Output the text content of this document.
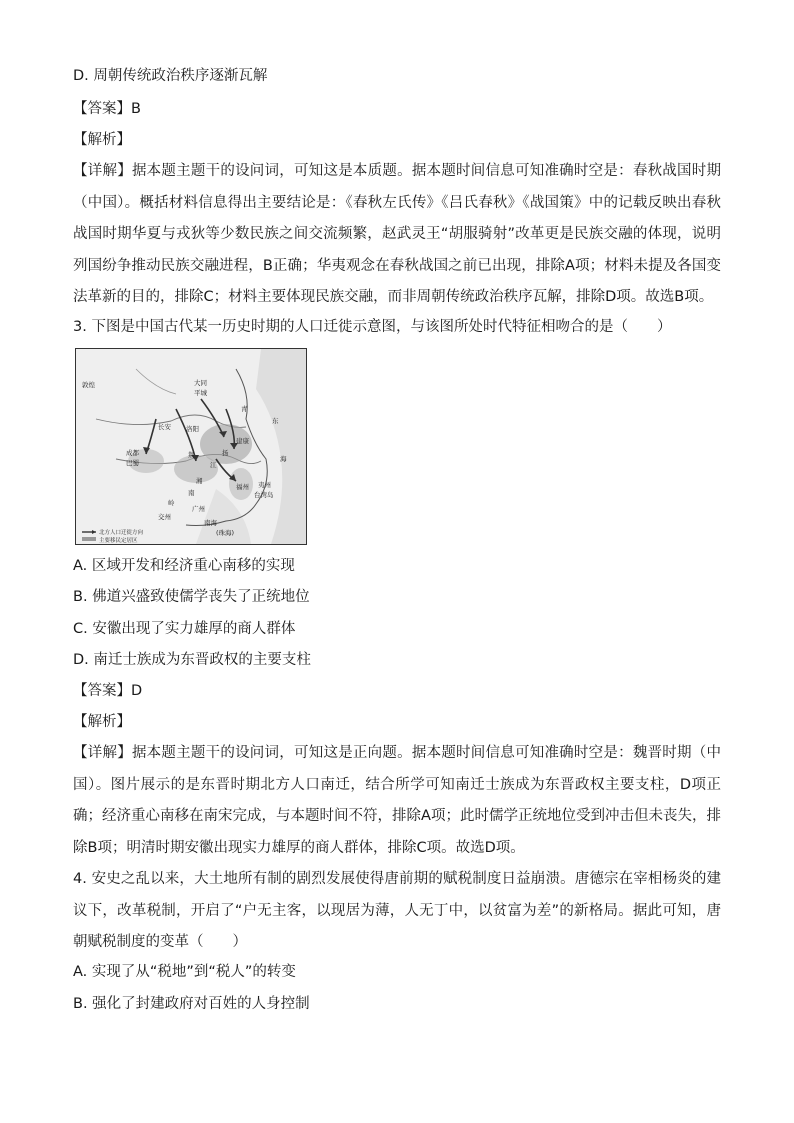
D. 周朝传统政治秩序逐渐瓦解
【答案】B
【解析】
【详解】据本题主题干的设问词，可知这是本质题。据本题时间信息可知准确时空是：春秋战国时期（中国）。概括材料信息得出主要结论是：《春秋左氏传》《吕氏春秋》《战国策》中的记载反映出春秋战国时期华夏与戎狄等少数民族之间交流频繁，赵武灵王“胡服骑射”改革更是民族交融的体现，说明列国纷争推动民族交融进程，B正确；华夷观念在春秋战国之前已出现，排除A项；材料未提及各国变法革新的目的，排除C；材料主要体现民族交融，而非周朝传统政治秩序瓦解，排除D项。故选B项。
3. 下图是中国古代某一历史时期的人口迁徙示意图，与该图所处时代特征相吻合的是（　　）
敦煌	大同
平城
青
长安 洛阳
建康
成都
巴蜀
荆	扬
江
湘
南
岭
广州
交州
福州 夷州
台湾岛
东
海
南海
(珠海)
北方人口迁徙方向
主要移民定居区
A. 区域开发和经济重心南移的实现
B. 佛道兴盛致使儒学丧失了正统地位
C. 安徽出现了实力雄厚的商人群体
D. 南迁士族成为东晋政权的主要支柱
【答案】D
【解析】
【详解】据本题主题干的设问词，可知这是正向题。据本题时间信息可知准确时空是：魏晋时期（中国）。图片展示的是东晋时期北方人口南迁，结合所学可知南迁士族成为东晋政权主要支柱，D项正确；经济重心南移在南宋完成，与本题时间不符，排除A项；此时儒学正统地位受到冲击但未丧失，排除B项；明清时期安徽出现实力雄厚的商人群体，排除C项。故选D项。
4. 安史之乱以来，大土地所有制的剧烈发展使得唐前期的赋税制度日益崩溃。唐德宗在宰相杨炎的建议下，改革税制，开启了“户无主客，以现居为薄，人无丁中，以贫富为差”的新格局。据此可知，唐朝赋税制度的变革（　　）
A. 实现了从“税地”到“税人”的转变
B. 强化了封建政府对百姓的人身控制
